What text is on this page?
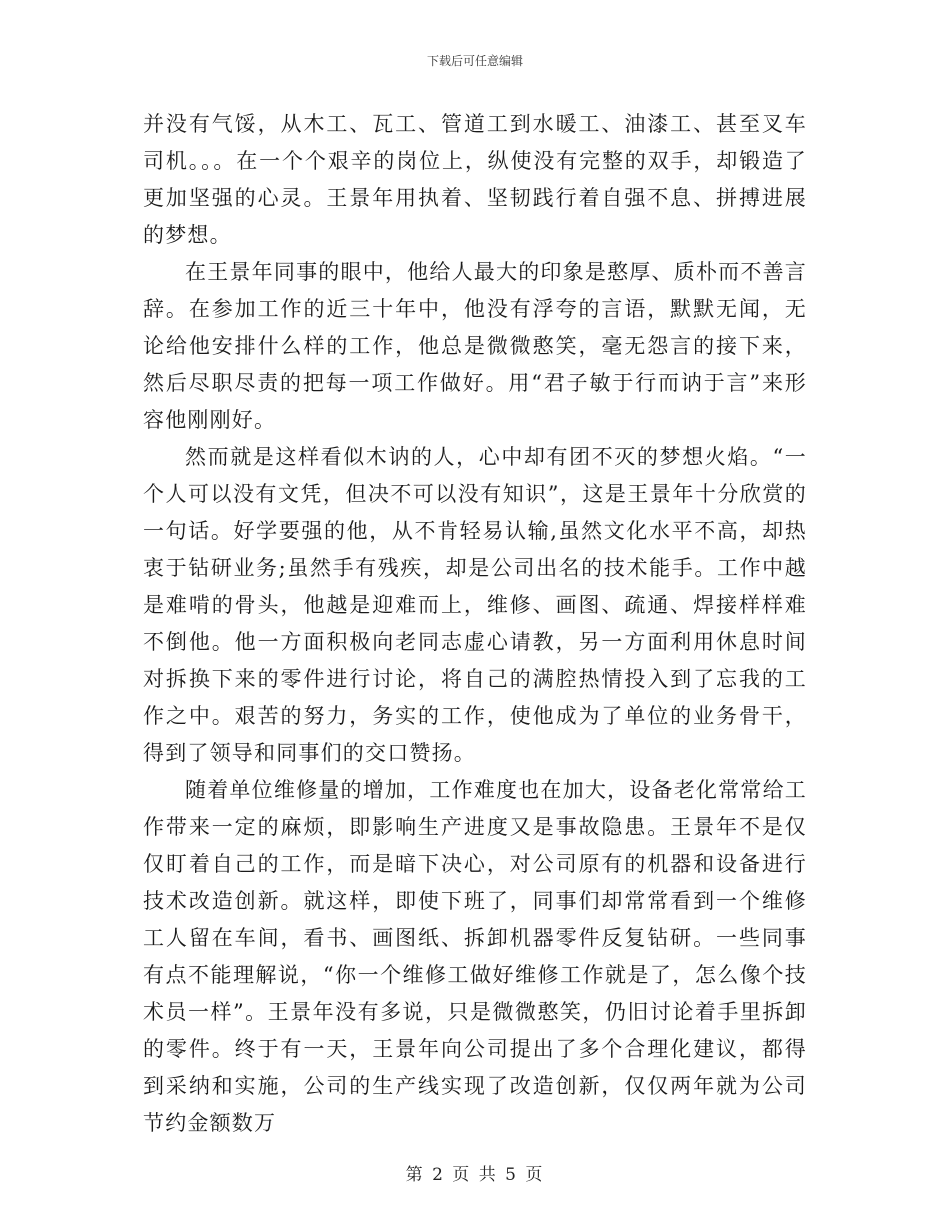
下载后可任意编辑

并没有气馁，从木工、瓦工、管道工到水暖工、油漆工、甚至叉车司机。。。在一个个艰辛的岗位上，纵使没有完整的双手，却锻造了更加坚强的心灵。王景年用执着、坚韧践行着自强不息、拼搏进展的梦想。

在王景年同事的眼中，他给人最大的印象是憨厚、质朴而不善言辞。在参加工作的近三十年中，他没有浮夸的言语，默默无闻，无论给他安排什么样的工作，他总是微微憨笑，毫无怨言的接下来，然后尽职尽责的把每一项工作做好。用“君子敏于行而讷于言”来形容他刚刚好。

然而就是这样看似木讷的人，心中却有团不灭的梦想火焰。“一个人可以没有文凭，但决不可以没有知识”，这是王景年十分欣赏的一句话。好学要强的他，从不肯轻易认输,虽然文化水平不高，却热衷于钻研业务;虽然手有残疾，却是公司出名的技术能手。工作中越是难啃的骨头，他越是迎难而上，维修、画图、疏通、焊接样样难不倒他。他一方面积极向老同志虚心请教，另一方面利用休息时间对拆换下来的零件进行讨论，将自己的满腔热情投入到了忘我的工作之中。艰苦的努力，务实的工作，使他成为了单位的业务骨干，得到了领导和同事们的交口赞扬。

随着单位维修量的增加，工作难度也在加大，设备老化常常给工作带来一定的麻烦，即影响生产进度又是事故隐患。王景年不是仅仅盯着自己的工作，而是暗下决心，对公司原有的机器和设备进行技术改造创新。就这样，即使下班了，同事们却常常看到一个维修工人留在车间，看书、画图纸、拆卸机器零件反复钻研。一些同事有点不能理解说，“你一个维修工做好维修工作就是了，怎么像个技术员一样”。王景年没有多说，只是微微憨笑，仍旧讨论着手里拆卸的零件。终于有一天，王景年向公司提出了多个合理化建议，都得到采纳和实施，公司的生产线实现了改造创新，仅仅两年就为公司节约金额数万

第 2 页 共 5 页
